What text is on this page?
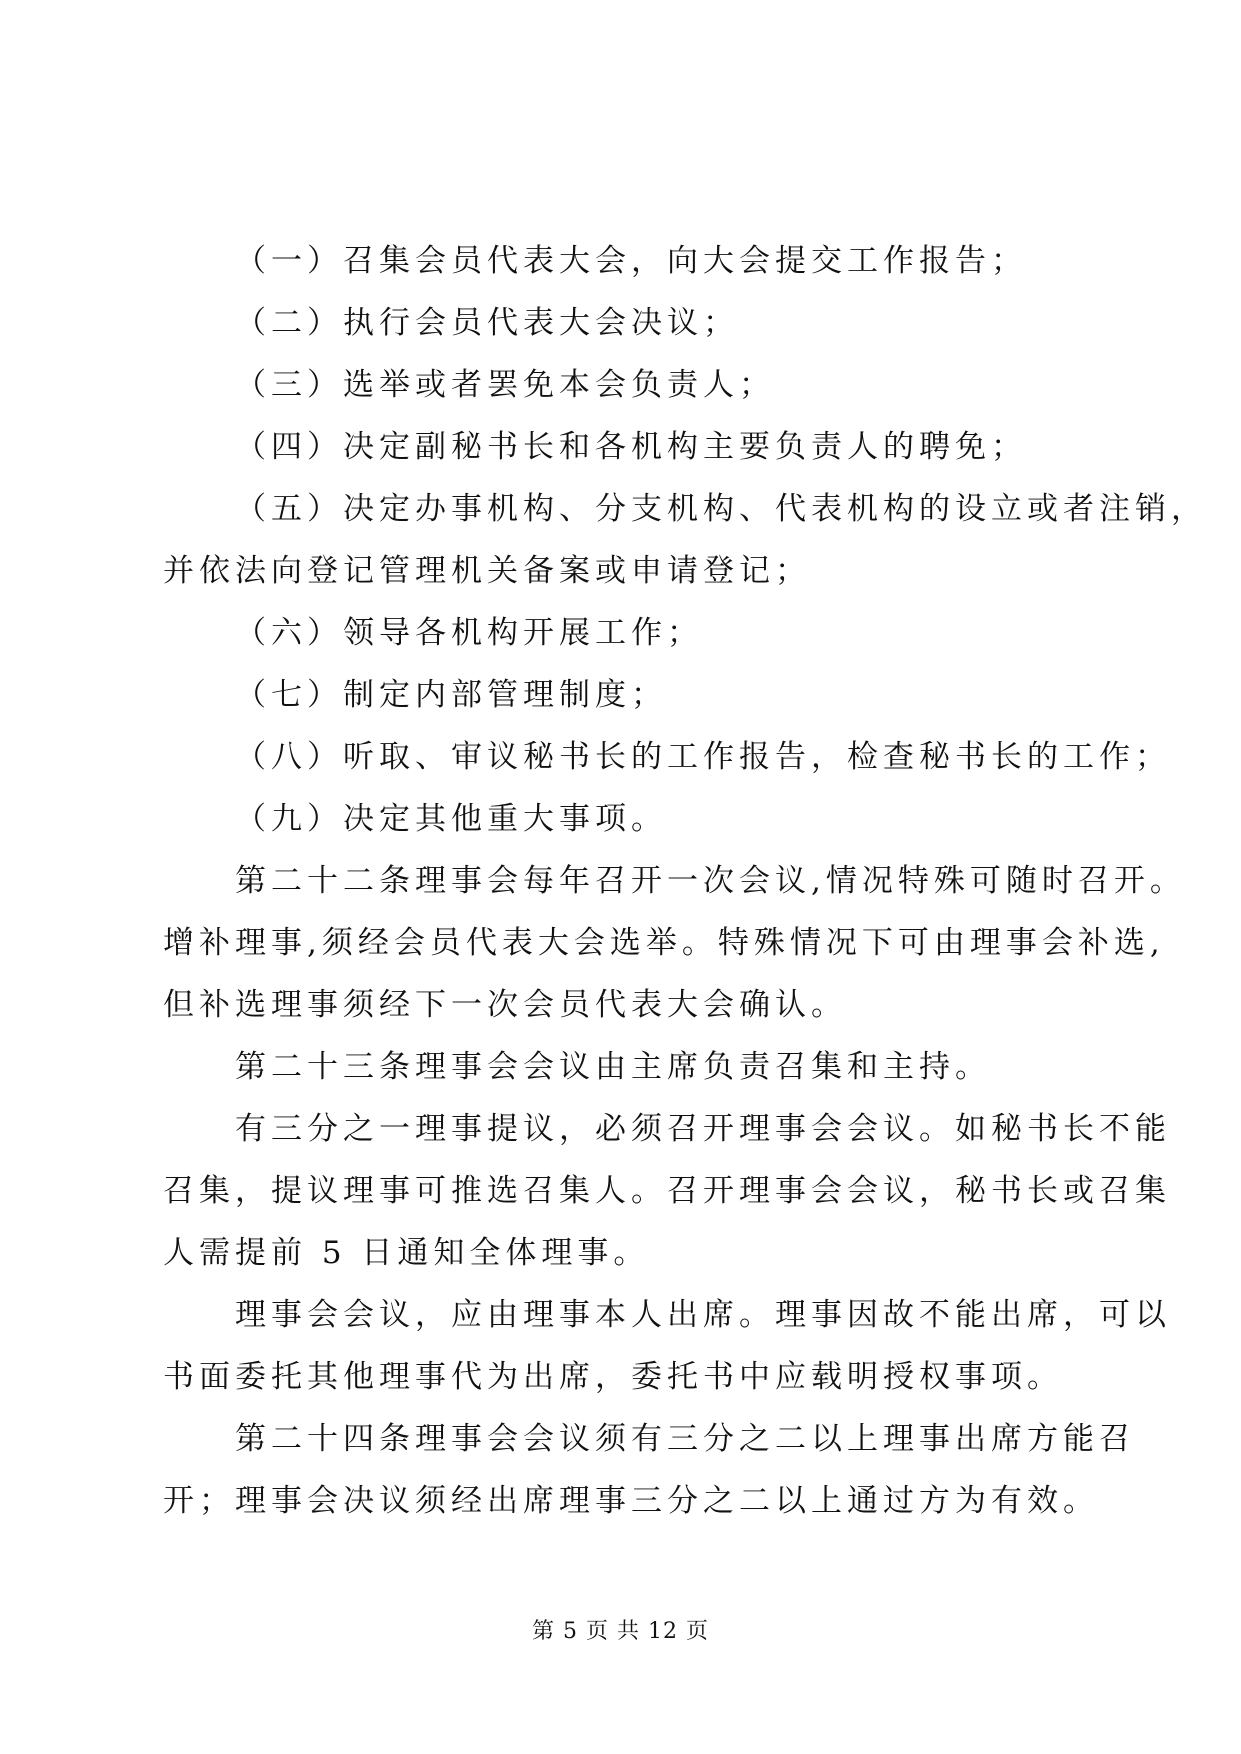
（一）召集会员代表大会，向大会提交工作报告；
（二）执行会员代表大会决议；
（三）选举或者罢免本会负责人；
（四）决定副秘书长和各机构主要负责人的聘免；
（五）决定办事机构、分支机构、代表机构的设立或者注销，
并依法向登记管理机关备案或申请登记；
（六）领导各机构开展工作；
（七）制定内部管理制度；
（八）听取、审议秘书长的工作报告，检查秘书长的工作；
（九）决定其他重大事项。
第二十二条理事会每年召开一次会议,情况特殊可随时召开。
增补理事,须经会员代表大会选举。特殊情况下可由理事会补选,
但补选理事须经下一次会员代表大会确认。
第二十三条理事会会议由主席负责召集和主持。
有三分之一理事提议，必须召开理事会会议。如秘书长不能
召集，提议理事可推选召集人。召开理事会会议，秘书长或召集
人需提前 5 日通知全体理事。
理事会会议，应由理事本人出席。理事因故不能出席，可以
书面委托其他理事代为出席，委托书中应载明授权事项。
第二十四条理事会会议须有三分之二以上理事出席方能召
开；理事会决议须经出席理事三分之二以上通过方为有效。
第 5 页 共 12 页
